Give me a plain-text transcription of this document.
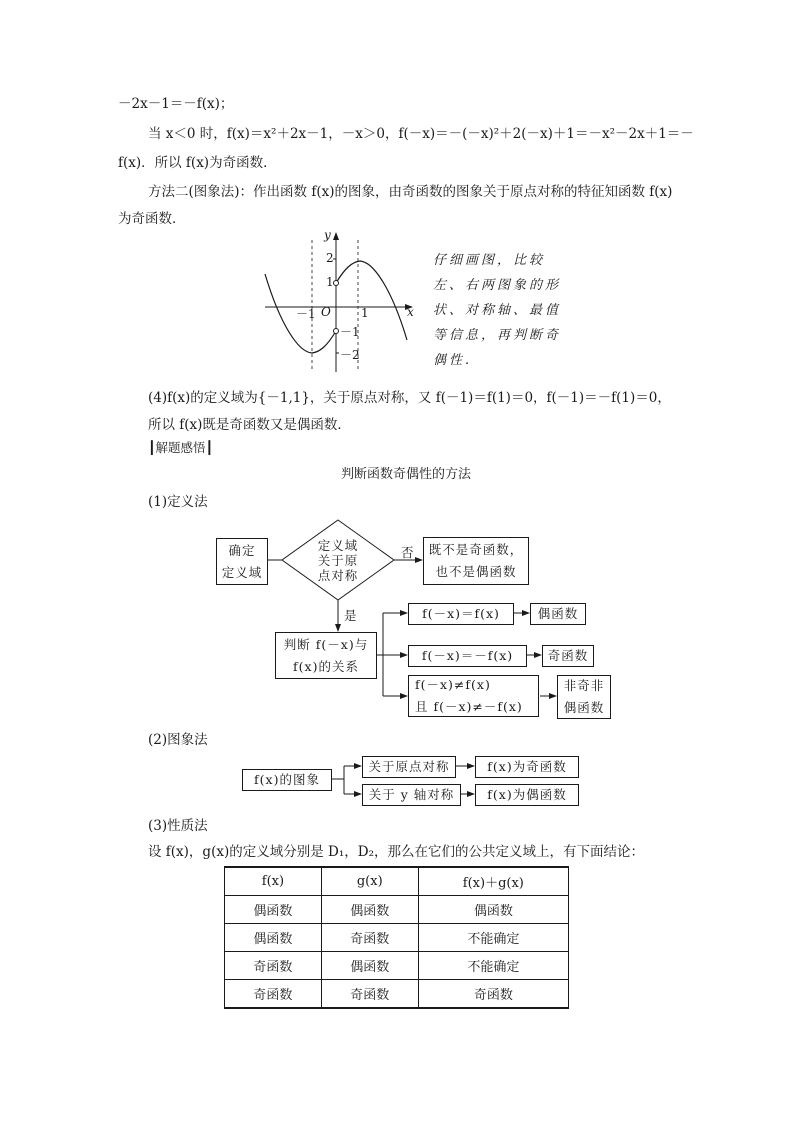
－2x－1＝－f(x)；
当 x＜0 时，f(x)＝x²＋2x－1，－x＞0，f(－x)＝－(－x)²＋2(－x)＋1＝－x²－2x＋1＝－
f(x)．所以 f(x)为奇函数．
方法二(图象法)：作出函数 f(x)的图象，由奇函数的图象关于原点对称的特征知函数 f(x)
为奇函数．
y
x
O
2
1
－1	1
－1
－2
仔细画图，比较左、右两图象的形状、对称轴、最值等信息，再判断奇偶性.
(4)f(x)的定义域为{－1,1}，关于原点对称，又 f(－1)＝f(1)＝0，f(－1)＝－f(1)＝0，
所以 f(x)既是奇函数又是偶函数．
┃解题感悟┃
判断函数奇偶性的方法
(1)定义法
确定
定义域
定义域
关于原
点对称
否 既不是奇函数，
也不是偶函数
是
判断 f(－x)与
f(x)的关系
f(－x)＝f(x)	偶函数
f(－x)＝－f(x)	奇函数
f(－x)≠f(x)
且 f(－x)≠－f(x)
非奇非
偶函数
(2)图象法
f(x)的图象
关于原点对称	f(x)为奇函数
关于 y 轴对称	f(x)为偶函数
(3)性质法
设 f(x)，g(x)的定义域分别是 D₁，D₂，那么在它们的公共定义域上，有下面结论：
f(x)	g(x)	f(x)＋g(x)
偶函数	偶函数	偶函数
偶函数	奇函数	不能确定
奇函数	偶函数	不能确定
奇函数	奇函数	奇函数
